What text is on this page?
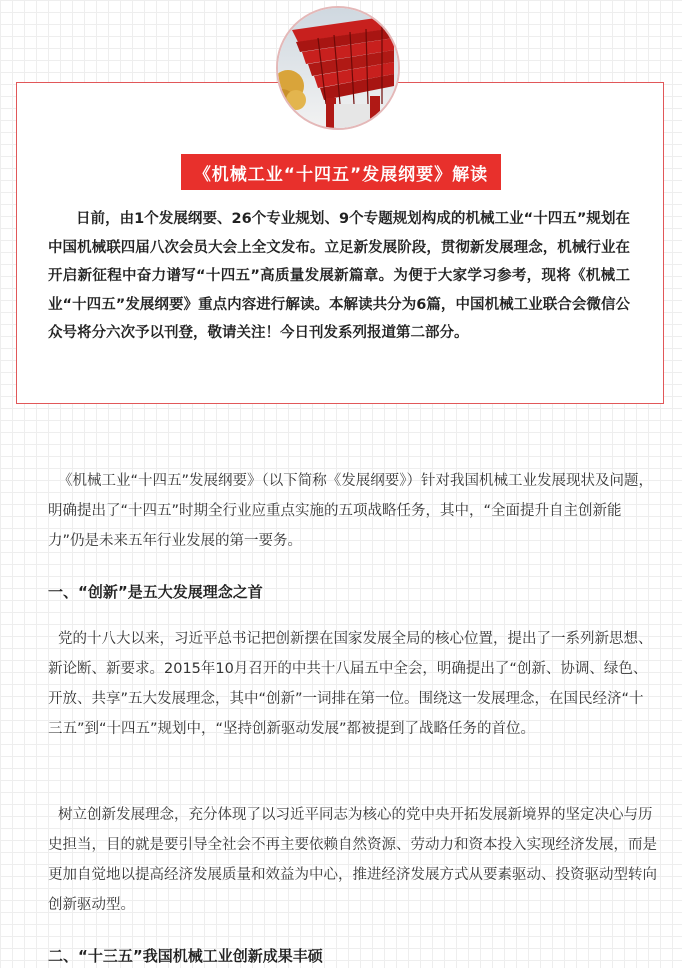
《机械工业“十四五”发展纲要》解读

日前，由1个发展纲要、26个专业规划、9个专题规划构成的机械工业“十四五”规划在中国机械联四届八次会员大会上全文发布。立足新发展阶段，贯彻新发展理念，机械行业在开启新征程中奋力谱写“十四五”高质量发展新篇章。为便于大家学习参考，现将《机械工业“十四五”发展纲要》重点内容进行解读。本解读共分为6篇，中国机械工业联合会微信公众号将分六次予以刊登，敬请关注！今日刊发系列报道第二部分。

《机械工业“十四五”发展纲要》（以下简称《发展纲要》）针对我国机械工业发展现状及问题，明确提出了“十四五”时期全行业应重点实施的五项战略任务，其中，“全面提升自主创新能力”仍是未来五年行业发展的第一要务。

一、“创新”是五大发展理念之首

党的十八大以来，习近平总书记把创新摆在国家发展全局的核心位置，提出了一系列新思想、新论断、新要求。2015年10月召开的中共十八届五中全会，明确提出了“创新、协调、绿色、开放、共享”五大发展理念，其中“创新”一词排在第一位。围绕这一发展理念，在国民经济“十三五”到“十四五”规划中，“坚持创新驱动发展”都被提到了战略任务的首位。

树立创新发展理念，充分体现了以习近平同志为核心的党中央开拓发展新境界的坚定决心与历史担当，目的就是要引导全社会不再主要依赖自然资源、劳动力和资本投入实现经济发展，而是更加自觉地以提高经济发展质量和效益为中心，推进经济发展方式从要素驱动、投资驱动型转向创新驱动型。

二、“十三五”我国机械工业创新成果丰硕
